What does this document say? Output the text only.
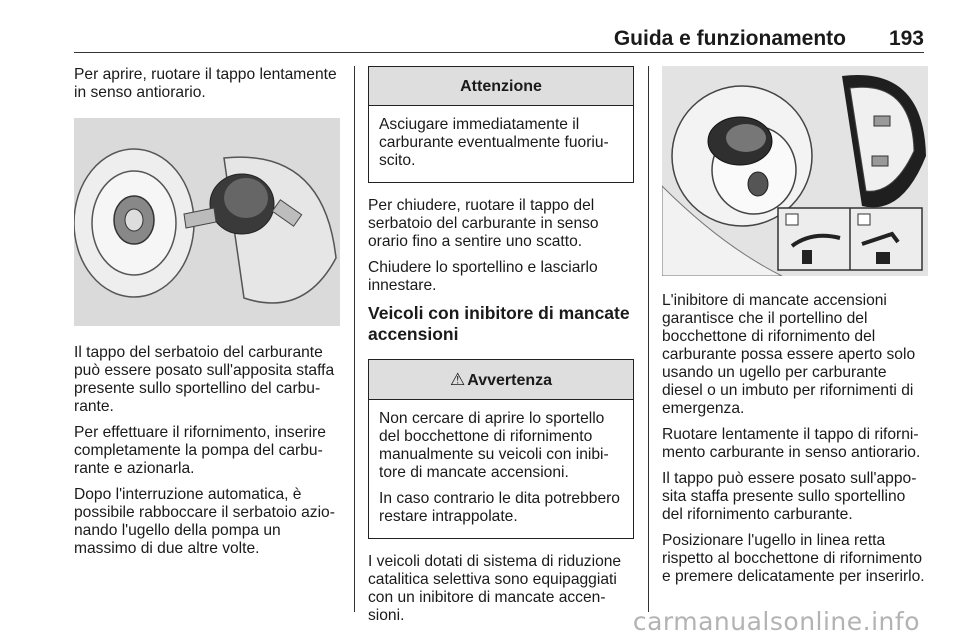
Guida e funzionamento 193

Per aprire, ruotare il tappo lentamente in senso antiorario.

Il tappo del serbatoio del carburante può essere posato sull'apposita staffa presente sullo sportellino del carburante.

Per effettuare il rifornimento, inserire completamente la pompa del carburante e azionarla.

Dopo l'interruzione automatica, è possibile rabboccare il serbatoio azionando l'ugello della pompa un massimo di due altre volte.

Attenzione

Asciugare immediatamente il carburante eventualmente fuoriuscito.

Per chiudere, ruotare il tappo del serbatoio del carburante in senso orario fino a sentire uno scatto.

Chiudere lo sportellino e lasciarlo innestare.

Veicoli con inibitore di mancate accensioni
⚠ Avvertenza

Non cercare di aprire lo sportello del bocchettone di rifornimento manualmente su veicoli con inibitore di mancate accensioni.

In caso contrario le dita potrebbero restare intrappolate.

I veicoli dotati di sistema di riduzione catalitica selettiva sono equipaggiati con un inibitore di mancate accensioni.

L'inibitore di mancate accensioni garantisce che il portellino del bocchettone di rifornimento del carburante possa essere aperto solo usando un ugello per carburante diesel o un imbuto per rifornimenti di emergenza.

Ruotare lentamente il tappo di rifornimento carburante in senso antiorario.

Il tappo può essere posato sull'apposita staffa presente sullo sportellino del rifornimento carburante.

Posizionare l'ugello in linea retta rispetto al bocchettone di rifornimento e premere delicatamente per inserirlo.

carmanualsonline.info
